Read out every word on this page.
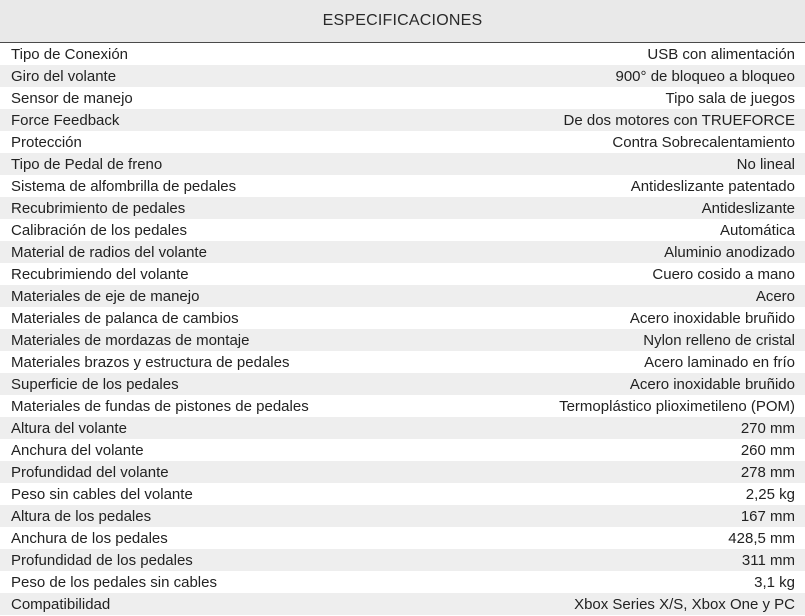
ESPECIFICACIONES
Tipo de Conexión	USB con alimentación
Giro del volante	900° de bloqueo a bloqueo
Sensor de manejo	Tipo sala de juegos
Force Feedback	De dos motores con TRUEFORCE
Protección	Contra Sobrecalentamiento
Tipo de Pedal de freno	No lineal
Sistema de alfombrilla de pedales	Antideslizante patentado
Recubrimiento de pedales	Antideslizante
Calibración de los pedales	Automática
Material de radios del volante	Aluminio anodizado
Recubrimiendo del volante	Cuero cosido a mano
Materiales de eje de manejo	Acero
Materiales de palanca de cambios	Acero inoxidable bruñido
Materiales de mordazas de montaje	Nylon relleno de cristal
Materiales brazos y estructura de pedales	Acero laminado en frío
Superficie de los pedales	Acero inoxidable bruñido
Materiales de fundas de pistones de pedales	Termoplástico plioximetileno (POM)
Altura del volante	270 mm
Anchura del volante	260 mm
Profundidad del volante	278 mm
Peso sin cables del volante	2,25 kg
Altura de los pedales	167 mm
Anchura de los pedales	428,5 mm
Profundidad de los pedales	311 mm
Peso de los pedales sin cables	3,1 kg
Compatibilidad	Xbox Series X/S, Xbox One y PC
